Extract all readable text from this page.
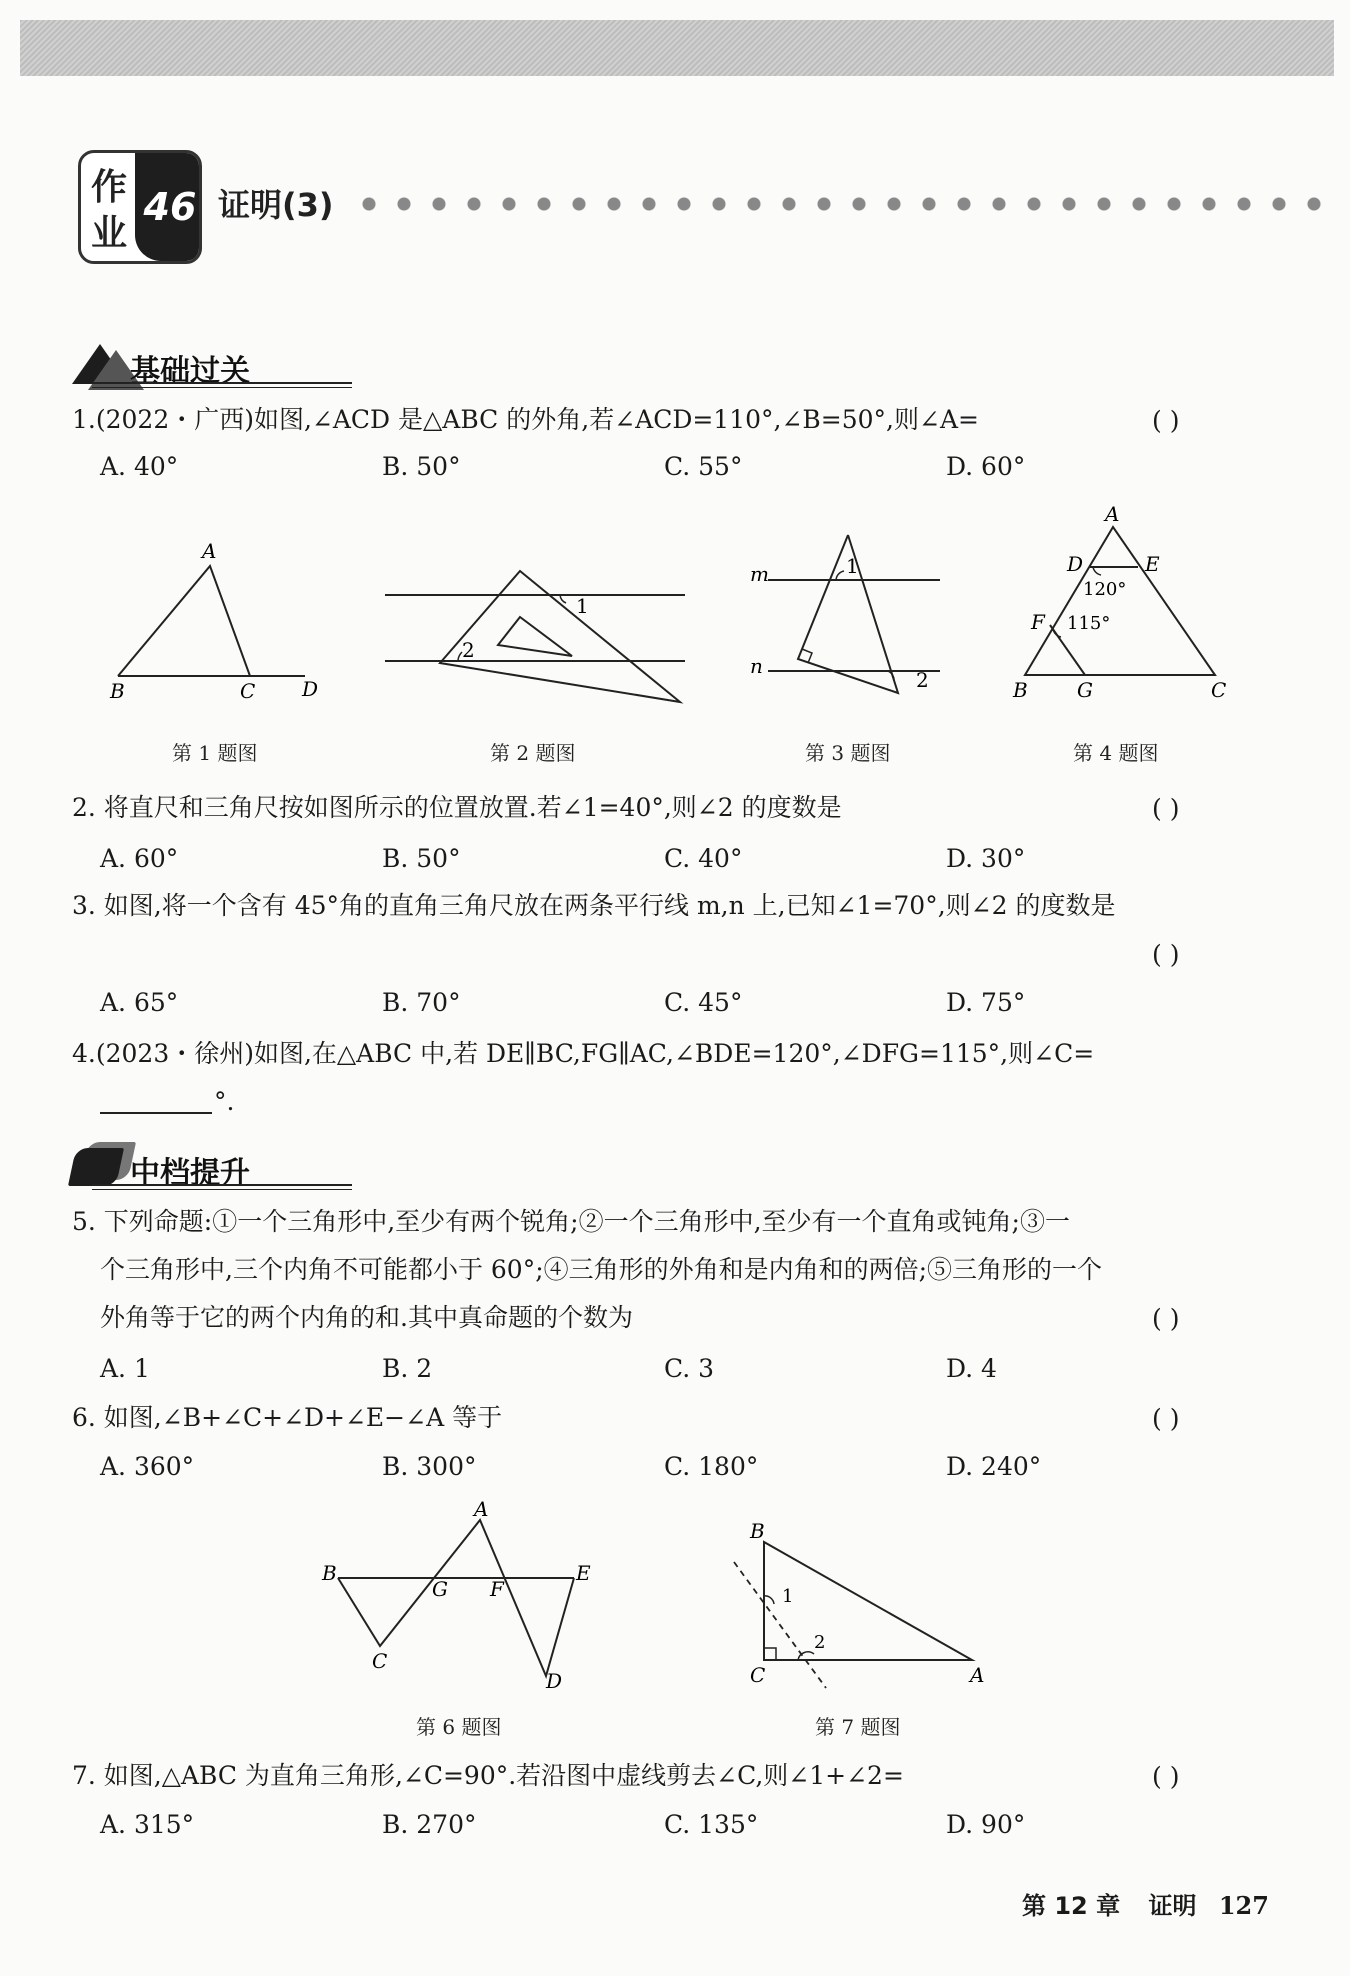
作
业
46 证明(3)
基础过关
1.(2022・广西)如图,∠ACD 是△ABC 的外角,若∠ACD=110°,∠B=50°,则∠A=	( )
A. 40°	B. 50°	C. 55°	D. 60°
A
B	C D
第 1 题图
1
2
第 2 题图
m
n
1
2
第 3 题图
A
D	E
F
B G	C
120°
115°
第 4 题图
2. 将直尺和三角尺按如图所示的位置放置.若∠1=40°,则∠2 的度数是	( )
A. 60°	B. 50°	C. 40°	D. 30°
3. 如图,将一个含有 45°角的直角三角尺放在两条平行线 m,n 上,已知∠1=70°,则∠2 的度数是
( )
A. 65°	B. 70°	C. 45°	D. 75°
4.(2023・徐州)如图,在△ABC 中,若 DE∥BC,FG∥AC,∠BDE=120°,∠DFG=115°,则∠C=
°.
中档提升
5. 下列命题:①一个三角形中,至少有两个锐角;②一个三角形中,至少有一个直角或钝角;③一
个三角形中,三个内角不可能都小于 60°;④三角形的外角和是内角和的两倍;⑤三角形的一个
外角等于它的两个内角的和.其中真命题的个数为	( )
A. 1	B. 2	C. 3	D. 4
6. 如图,∠B+∠C+∠D+∠E−∠A 等于	( )
A. 360°	B. 300°	C. 180°	D. 240°
A
B
G F
E
C
D
第 6 题图
B
1
2
C	A
第 7 题图
7. 如图,△ABC 为直角三角形,∠C=90°.若沿图中虚线剪去∠C,则∠1+∠2=	( )
A. 315°	B. 270°	C. 135°	D. 90°
第 12 章 证明 127
